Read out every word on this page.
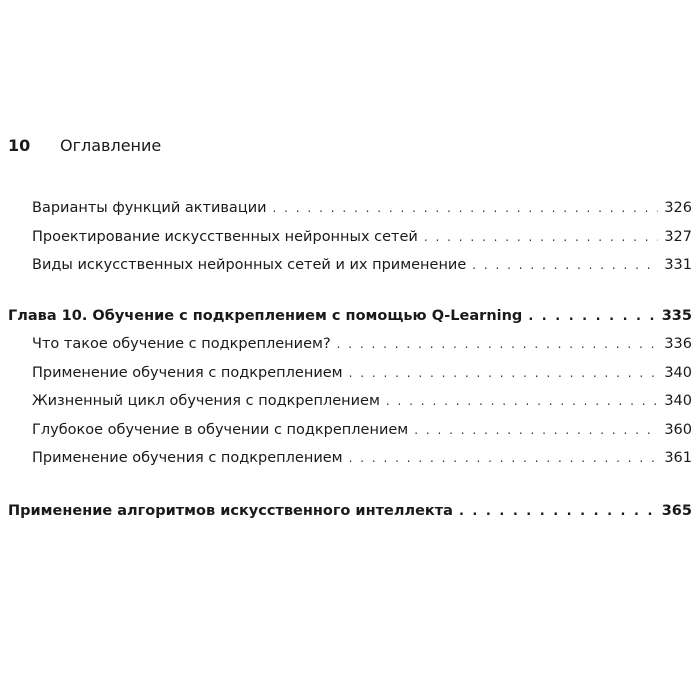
10	Оглавление
Варианты функций активации . . .	326
Проектирование искусственных нейронных сетей . . .	327
Виды искусственных нейронных сетей и их применение . . .	331
Глава 10. Обучение с подкреплением с помощью Q-Learning . . .	335
Что такое обучение с подкреплением? . . .	336
Применение обучения с подкреплением . . .	340
Жизненный цикл обучения с подкреплением . . .	340
Глубокое обучение в обучении с подкреплением . . .	360
Применение обучения с подкреплением . . .	361
Применение алгоритмов искусственного интеллекта . . .	365
